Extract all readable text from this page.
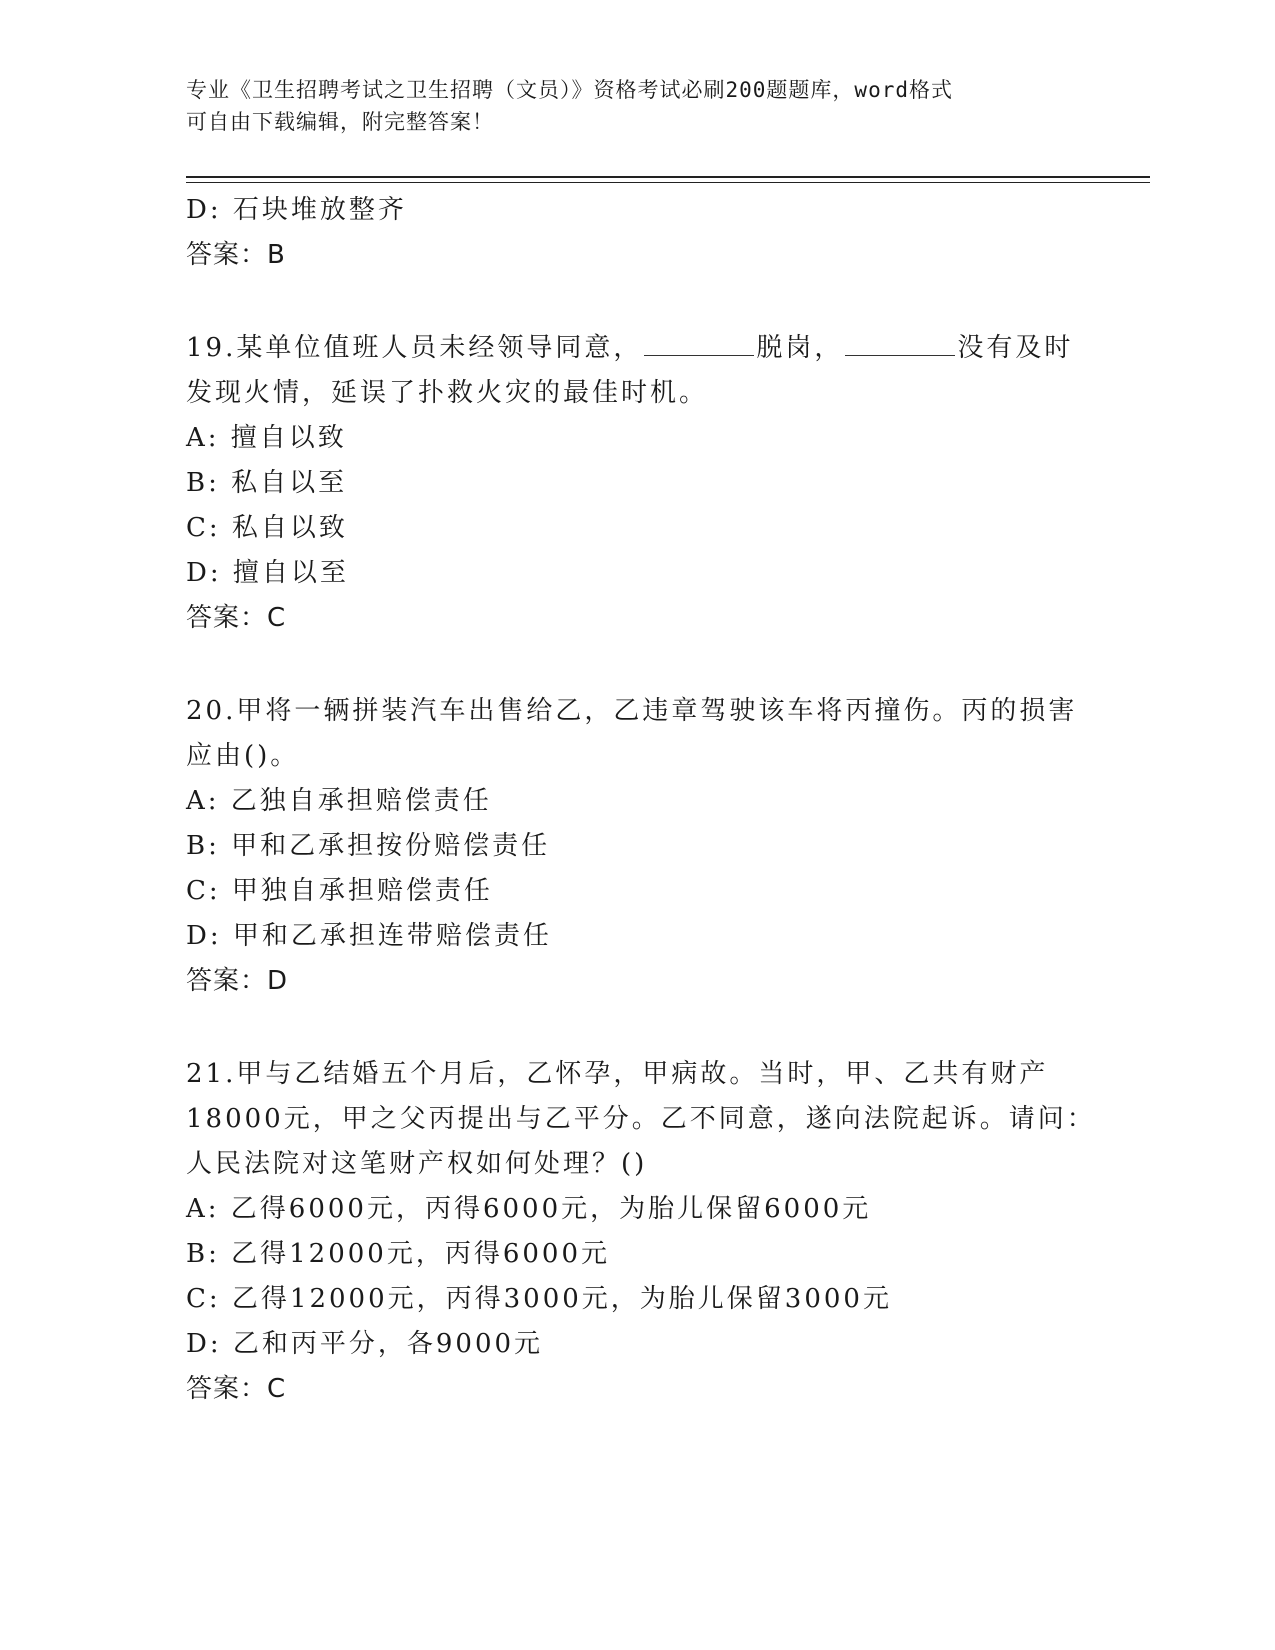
专业《卫生招聘考试之卫生招聘（文员）》资格考试必刷200题题库，word格式
可自由下载编辑，附完整答案！
D: 石块堆放整齐
答案：B
19.某单位值班人员未经领导同意，	脱岗，	没有及时
发现火情，延误了扑救火灾的最佳时机。
A: 擅自以致
B: 私自以至
C: 私自以致
D: 擅自以至
答案：C
20.甲将一辆拼装汽车出售给乙，乙违章驾驶该车将丙撞伤。丙的损害
应由()。
A: 乙独自承担赔偿责任
B: 甲和乙承担按份赔偿责任
C: 甲独自承担赔偿责任
D: 甲和乙承担连带赔偿责任
答案：D
21.甲与乙结婚五个月后，乙怀孕，甲病故。当时，甲、乙共有财产
18000元，甲之父丙提出与乙平分。乙不同意，遂向法院起诉。请问：
人民法院对这笔财产权如何处理？()
A: 乙得6000元，丙得6000元，为胎儿保留6000元
B: 乙得12000元，丙得6000元
C: 乙得12000元，丙得3000元，为胎儿保留3000元
D: 乙和丙平分，各9000元
答案：C
